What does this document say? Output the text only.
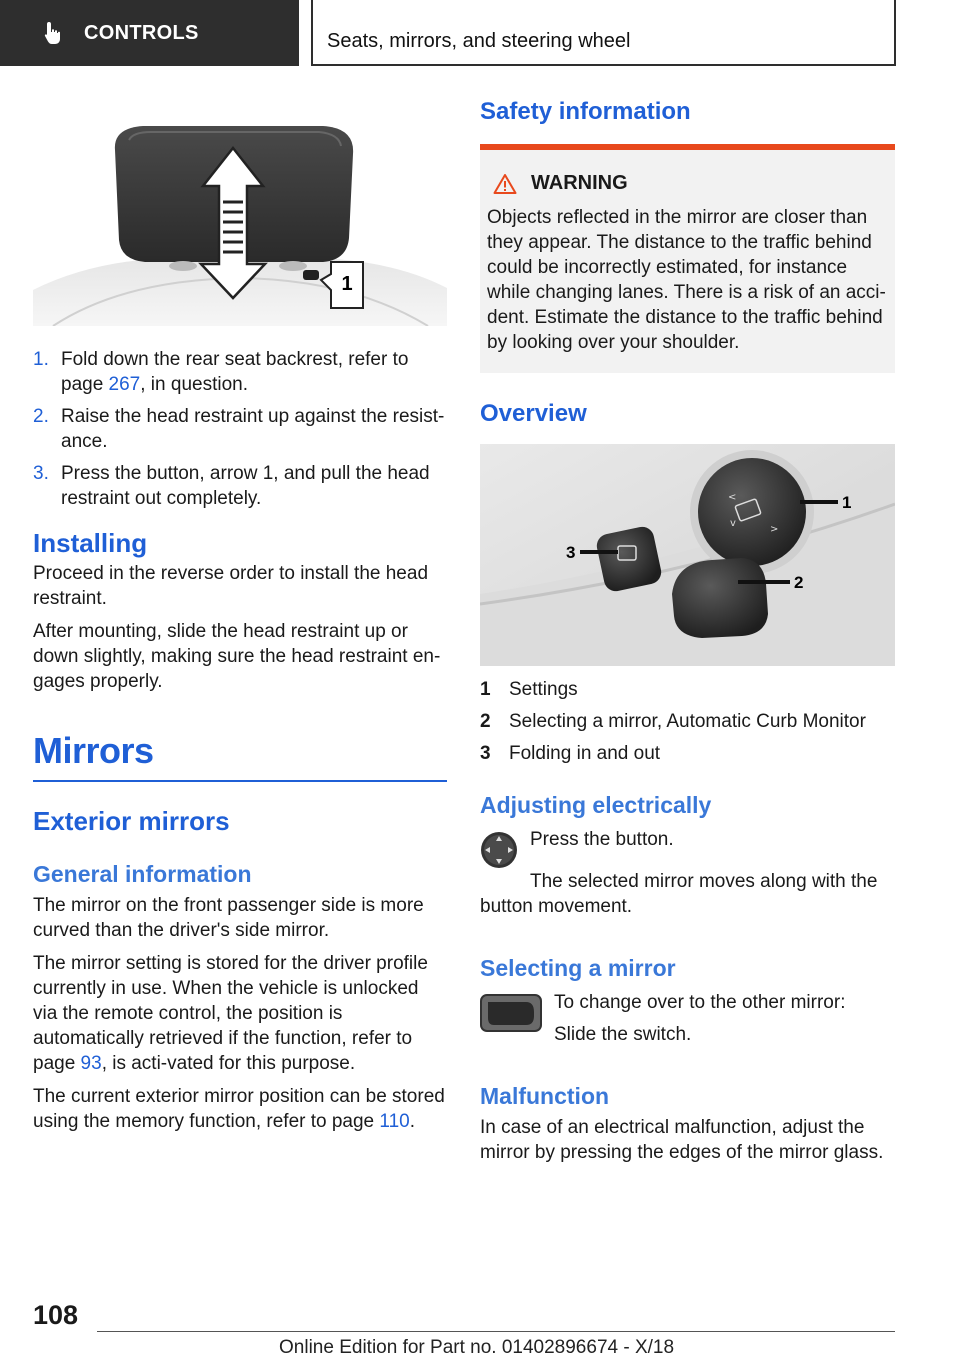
CONTROLS	Seats, mirrors, and steering wheel
1
1. Fold down the rear seat backrest, refer to page 267, in question.
2. Raise the head restraint up against the resist-ance.
3. Press the button, arrow 1, and pull the head restraint out completely.
Installing

Proceed in the reverse order to install the head restraint.

After mounting, slide the head restraint up or down slightly, making sure the head restraint en-gages properly.

Mirrors
Exterior mirrors
General information

The mirror on the front passenger side is more curved than the driver's side mirror.

The mirror setting is stored for the driver profile currently in use. When the vehicle is unlocked via the remote control, the position is automatically retrieved if the function, refer to page 93, is acti-vated for this purpose.

The current exterior mirror position can be stored using the memory function, refer to page 110.

Safety information
WARNING

Objects reflected in the mirror are closer than they appear. The distance to the traffic behind could be incorrectly estimated, for instance while changing lanes. There is a risk of an acci-dent. Estimate the distance to the traffic behind by looking over your shoulder.

Overview
<
>
v
1
3
2
1 Settings
2 Selecting a mirror, Automatic Curb Monitor
3 Folding in and out
Adjusting electrically

Press the button.

The selected mirror moves along with the button movement.

Selecting a mirror

To change over to the other mirror:

Slide the switch.

Malfunction

In case of an electrical malfunction, adjust the mirror by pressing the edges of the mirror glass.

108
Online Edition for Part no. 01402896674 - X/18
